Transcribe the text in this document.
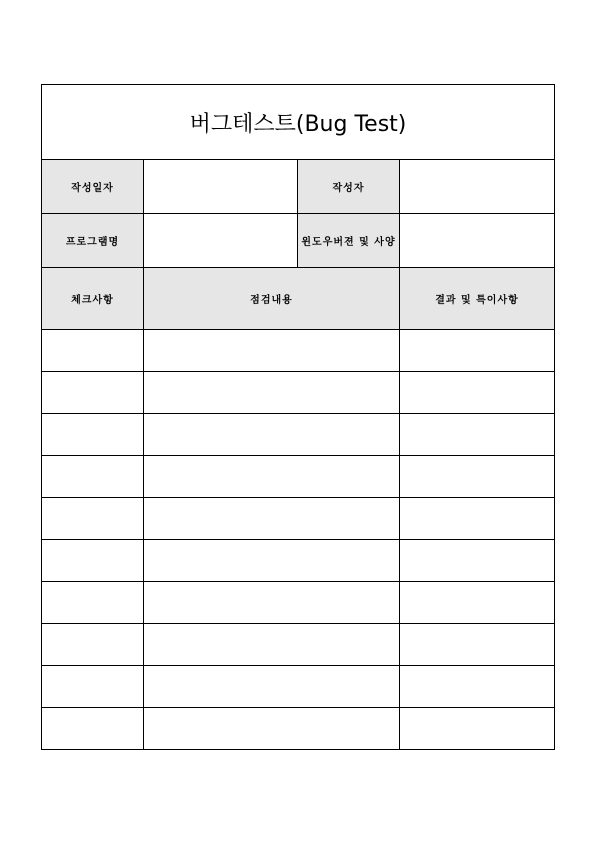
버그테스트(Bug Test)			
작성일자		작성자	
프로그램명		윈도우버젼 및 사양	
체크사항	점검내용		결과 및 특이사항
